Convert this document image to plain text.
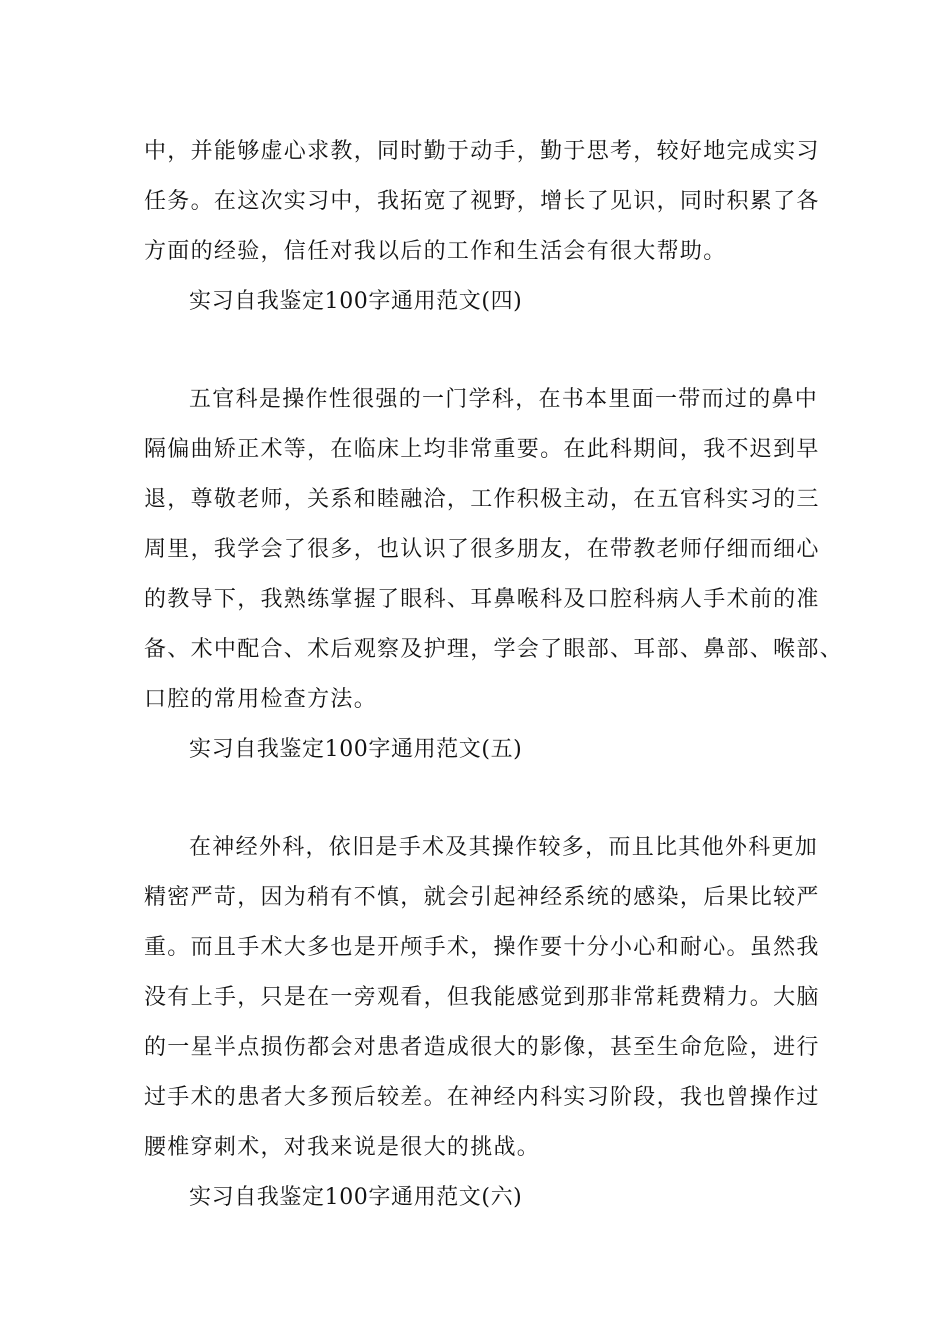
中，并能够虚心求教，同时勤于动手，勤于思考，较好地完成实习
任务。在这次实习中，我拓宽了视野，增长了见识，同时积累了各
方面的经验，信任对我以后的工作和生活会有很大帮助。
实习自我鉴定100字通用范文(四)
五官科是操作性很强的一门学科，在书本里面一带而过的鼻中
隔偏曲矫正术等，在临床上均非常重要。在此科期间，我不迟到早
退，尊敬老师，关系和睦融洽，工作积极主动，在五官科实习的三
周里，我学会了很多，也认识了很多朋友，在带教老师仔细而细心
的教导下，我熟练掌握了眼科、耳鼻喉科及口腔科病人手术前的准
备、术中配合、术后观察及护理，学会了眼部、耳部、鼻部、喉部、
口腔的常用检查方法。
实习自我鉴定100字通用范文(五)
在神经外科，依旧是手术及其操作较多，而且比其他外科更加
精密严苛，因为稍有不慎，就会引起神经系统的感染，后果比较严
重。而且手术大多也是开颅手术，操作要十分小心和耐心。虽然我
没有上手，只是在一旁观看，但我能感觉到那非常耗费精力。大脑
的一星半点损伤都会对患者造成很大的影像，甚至生命危险，进行
过手术的患者大多预后较差。在神经内科实习阶段，我也曾操作过
腰椎穿刺术，对我来说是很大的挑战。
实习自我鉴定100字通用范文(六)
